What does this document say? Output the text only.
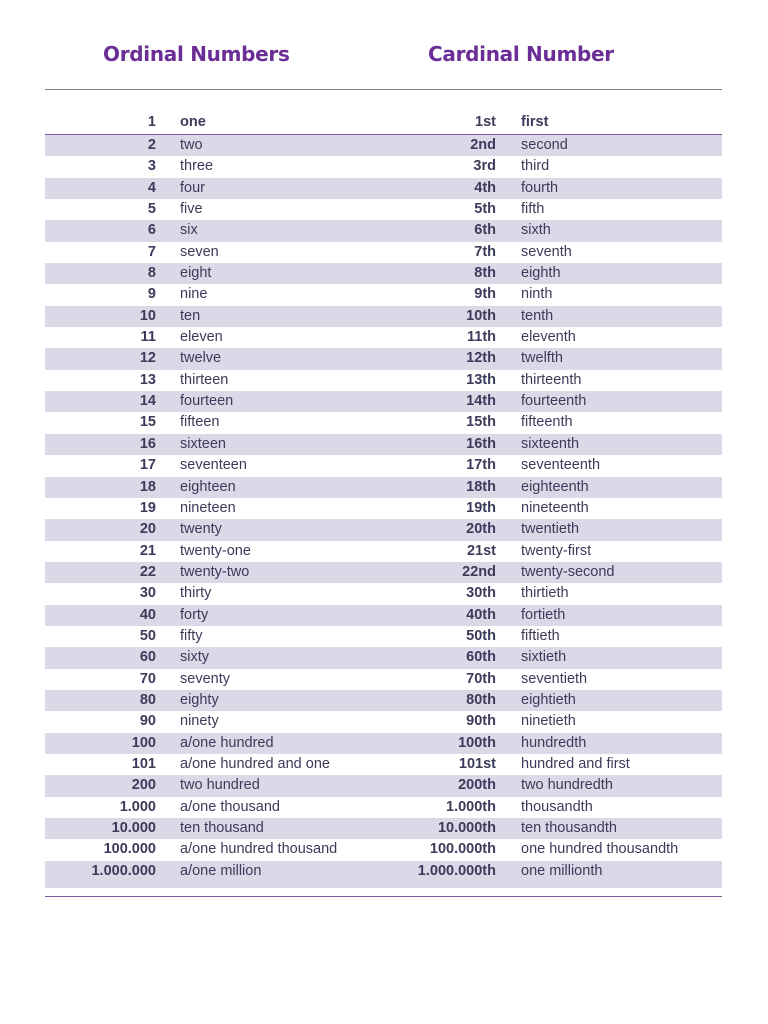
Ordinal Numbers	Cardinal Number
1 one	1st first
2 two	2nd second
3 three	3rd third
4 four	4th fourth
5 five	5th fifth
6 six	6th sixth
7 seven	7th seventh
8 eight	8th eighth
9 nine	9th ninth
10 ten	10th tenth
11 eleven	11th eleventh
12 twelve	12th twelfth
13 thirteen	13th thirteenth
14 fourteen	14th fourteenth
15 fifteen	15th fifteenth
16 sixteen	16th sixteenth
17 seventeen	17th seventeenth
18 eighteen	18th eighteenth
19 nineteen	19th nineteenth
20 twenty	20th twentieth
21 twenty-one	21st twenty-first
22 twenty-two	22nd twenty-second
30 thirty	30th thirtieth
40 forty	40th fortieth
50 fifty	50th fiftieth
60 sixty	60th sixtieth
70 seventy	70th seventieth
80 eighty	80th eightieth
90 ninety	90th ninetieth
100 a/one hundred	100th hundredth
101 a/one hundred and one	101st hundred and first
200 two hundred	200th two hundredth
1.000 a/one thousand	1.000th thousandth
10.000 ten thousand	10.000th ten thousandth
100.000 a/one hundred thousand	100.000th one hundred thousandth
1.000.000 a/one million	1.000.000th one millionth
